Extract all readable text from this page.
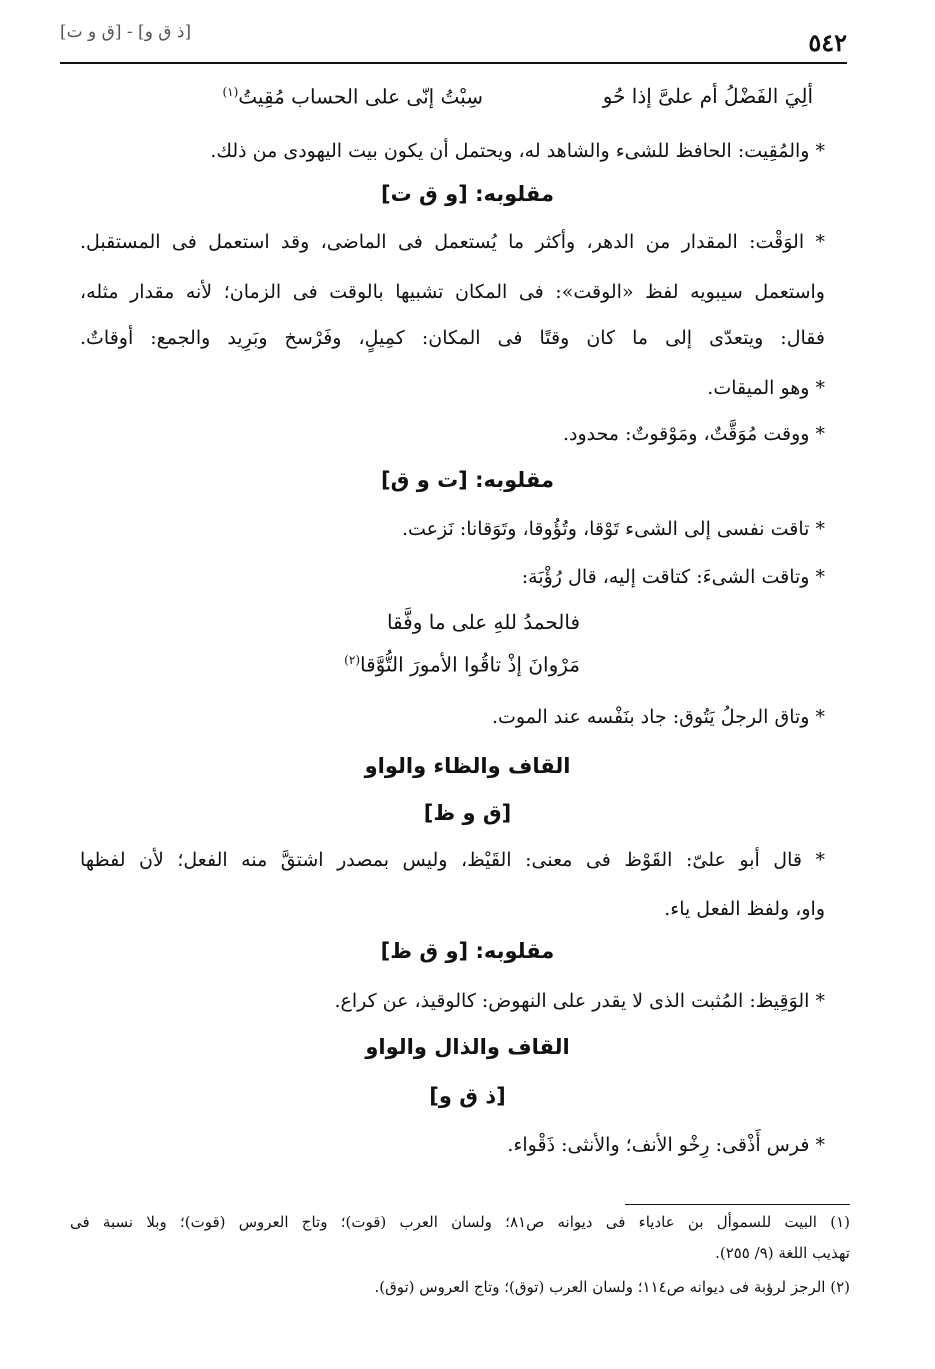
[ق و ت] - [ذ ق و]	٥٤٢
ألِيَ الفَضْلُ أم علىَّ إذا حُو
سِبْتُ إنّى على الحساب مُقِيتُ$^{(١)}$
* والمُقِيت: الحافظ للشىء والشاهد له، ويحتمل أن يكون بيت اليهودى من ذلك.
مقلوبه: [و ق ت]
* الوَقْت: المقدار من الدهر، وأكثر ما يُستعمل فى الماضى، وقد استعمل فى المستقبل.
واستعمل سيبويه لفظ «الوقت»: فى المكان تشبيها بالوقت فى الزمان؛ لأنه مقدار مثله،
فقال: ويتعدّى إلى ما كان وقتًا فى المكان: كمِيلٍ، وفَرْسخ وبَرِيد والجمع: أوقاتٌ.
* وهو الميقات.
* ووقت مُوَقَّتٌ، ومَوْقوتٌ: محدود.
مقلوبه: [ت و ق]
* تاقت نفسى إلى الشىء تَوْقا، وتُؤُوقا، وتَوَقانا: نَزعت.
* وتاقت الشىءَ: كتاقت إليه، قال رُؤْبَة:
فالحمدُ للهِ على ما وفَّقا
مَرْوانَ إذْ تاقُوا الأمورَ التُّوَّقا$^{(٢)}$
* وتاق الرجلُ يَتُوق: جاد بنَفْسه عند الموت.
القاف والظاء والواو
[ق و ظ]
* قال أبو علىّ: القَوْظ فى معنى: القَيْظ، وليس بمصدر اشتقَّ منه الفعل؛ لأن لفظها
واو، ولفظ الفعل ياء.
مقلوبه: [و ق ظ]
* الوَقِيظ: المُثبت الذى لا يقدر على النهوض: كالوقيذ، عن كراع.
القاف والذال والواو
[ذ ق و]
* فرس أَذْقى: رِخْو الأنف؛ والأنثى: ذَقْواء.
(١) البيت للسموأل بن عادياء فى ديوانه ص٨١؛ ولسان العرب (قوت)؛ وتاج العروس (قوت)؛ وبلا نسبة فى
تهذيب اللغة (٩/ ٢٥٥).
(٢) الرجز لرؤبة فى ديوانه ص١١٤؛ ولسان العرب (توق)؛ وتاج العروس (توق).
